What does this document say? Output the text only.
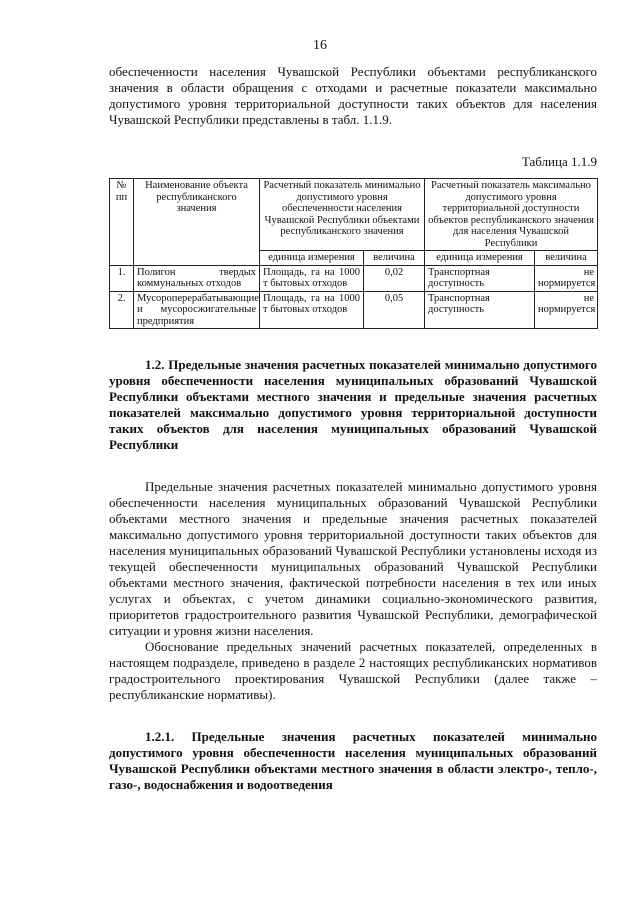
16

обеспеченности населения Чувашской Республики объектами республиканского значения в области обращения с отходами и расчетные показатели максимально допустимого уровня территориальной доступности таких объектов для населения Чувашской Республики представлены в табл. 1.1.9.

Таблица 1.1.9
№ пп	Наименование объекта республиканского значения	Расчетный показатель минимально допустимого уровня обеспеченности населения Чувашской Республики объектами республиканского значения		Расчетный показатель максимально допустимого уровня территориальной доступности объектов республиканского значения для населения Чувашской Республики	
		единица измерения	величина	единица измерения	величина
1.	Полигон твердых коммунальных отходов	Площадь, га на 1000 т бытовых отходов	0,02	Транспортная доступность	не нормируется
2.	Мусороперерабатывающие и мусоросжигательные предприятия	Площадь, га на 1000 т бытовых отходов	0,05	Транспортная доступность	не нормируется

1.2. Предельные значения расчетных показателей минимально допустимого уровня обеспеченности населения муниципальных образований Чувашской Республики объектами местного значения и предельные значения расчетных показателей максимально допустимого уровня территориальной доступности таких объектов для населения муниципальных образований Чувашской Республики

Предельные значения расчетных показателей минимально допустимого уровня обеспеченности населения муниципальных образований Чувашской Республики объектами местного значения и предельные значения расчетных показателей максимально допустимого уровня территориальной доступности таких объектов для населения муниципальных образований Чувашской Республики установлены исходя из текущей обеспеченности муниципальных образований Чувашской Республики объектами местного значения, фактической потребности населения в тех или иных услугах и объектах, с учетом динамики социально-экономического развития, приоритетов градостроительного развития Чувашской Республики, демографической ситуации и уровня жизни населения.

Обоснование предельных значений расчетных показателей, определенных в настоящем подразделе, приведено в разделе 2 настоящих республиканских нормативов градостроительного проектирования Чувашской Республики (далее также – республиканские нормативы).

1.2.1. Предельные значения расчетных показателей минимально допустимого уровня обеспеченности населения муниципальных образований Чувашской Республики объектами местного значения в области электро-, тепло-, газо-, водоснабжения и водоотведения
